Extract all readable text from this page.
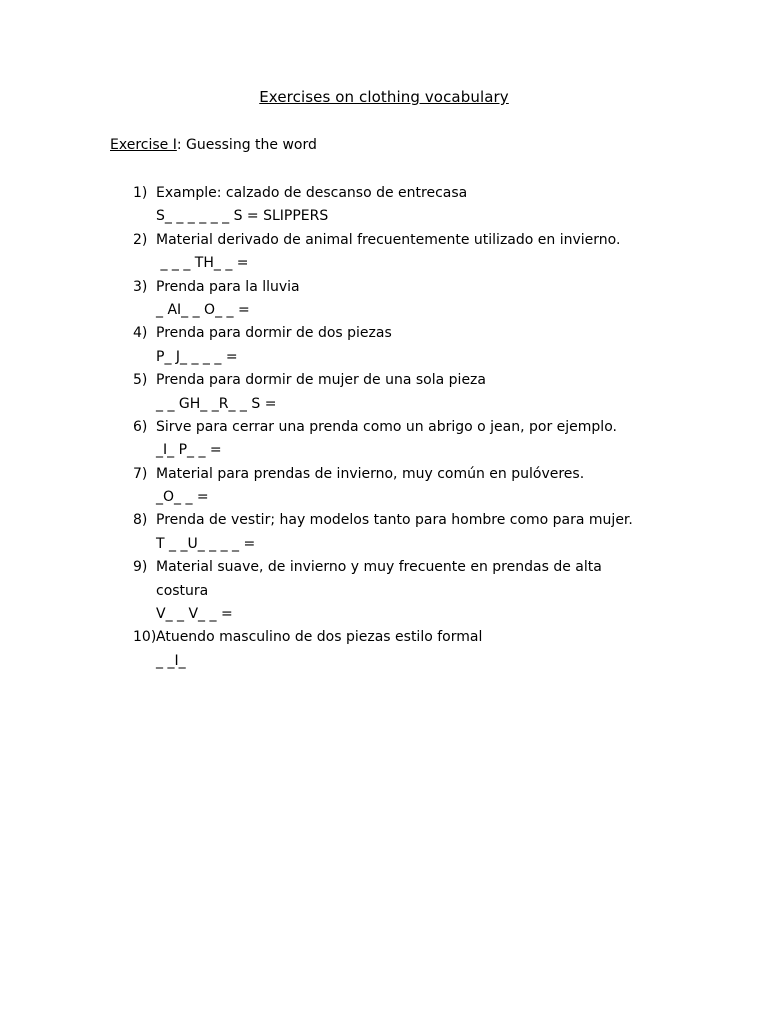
Exercises on clothing vocabulary
Exercise I: Guessing the word
1) Example: calzado de descanso de entrecasa
S_ _ _ _ _ _ S = SLIPPERS
2) Material derivado de animal frecuentemente utilizado en invierno.
_ _ _ TH_ _ =
3) Prenda para la lluvia
_ AI_ _ O_ _ =
4) Prenda para dormir de dos piezas
P_ J_ _ _ _ =
5) Prenda para dormir de mujer de una sola pieza
_ _ GH_ _R_ _ S =
6) Sirve para cerrar una prenda como un abrigo o jean, por ejemplo.
_I_ P_ _ =
7) Material para prendas de invierno, muy común en pulóveres.
_O_ _ =
8) Prenda de vestir; hay modelos tanto para hombre como para mujer.
T _ _U_ _ _ _ =
9) Material suave, de invierno y muy frecuente en prendas de alta
costura
V_ _ V_ _ =
10) Atuendo masculino de dos piezas estilo formal
_ _I_
